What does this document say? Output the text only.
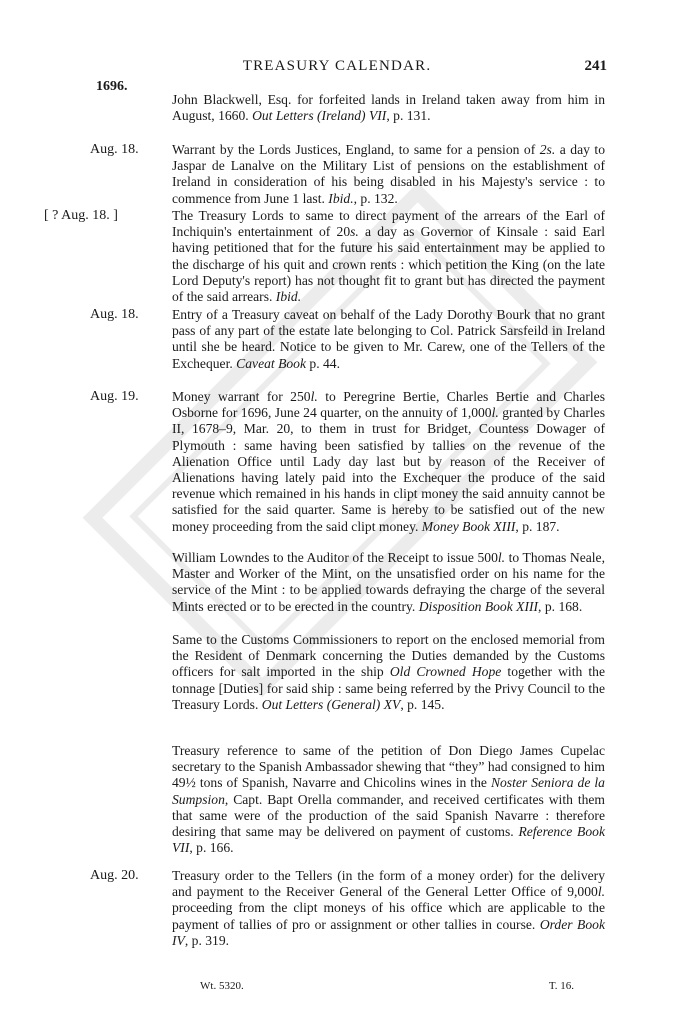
TREASURY CALENDAR.	241
1696.
John Blackwell, Esq. for forfeited lands in Ireland taken away from him in August, 1660. Out Letters (Ireland) VII, p. 131.
Aug. 18. Warrant by the Lords Justices, England, to same for a pension of 2s. a day to Jaspar de Lanalve on the Military List of pensions on the establishment of Ireland in consideration of his being disabled in his Majesty's service : to commence from June 1 last. Ibid., p. 132.
[ ? Aug. 18. ]	The Treasury Lords to same to direct payment of the arrears of the Earl of Inchiquin's entertainment of 20s. a day as Governor of Kinsale : said Earl having petitioned that for the future his said entertainment may be applied to the discharge of his quit and crown rents : which petition the King (on the late Lord Deputy's report) has not thought fit to grant but has directed the payment of the said arrears. Ibid.
Aug. 18. Entry of a Treasury caveat on behalf of the Lady Dorothy Bourk that no grant pass of any part of the estate late belonging to Col. Patrick Sarsfeild in Ireland until she be heard. Notice to be given to Mr. Carew, one of the Tellers of the Exchequer. Caveat Book p. 44.
Aug. 19. Money warrant for 250l. to Peregrine Bertie, Charles Bertie and Charles Osborne for 1696, June 24 quarter, on the annuity of 1,000l. granted by Charles II, 1678–9, Mar. 20, to them in trust for Bridget, Countess Dowager of Plymouth : same having been satisfied by tallies on the revenue of the Alienation Office until Lady day last but by reason of the Receiver of Alienations having lately paid into the Exchequer the produce of the said revenue which remained in his hands in clipt money the said annuity cannot be satisfied for the said quarter. Same is hereby to be satisfied out of the new money proceeding from the said clipt money. Money Book XIII, p. 187.
William Lowndes to the Auditor of the Receipt to issue 500l. to Thomas Neale, Master and Worker of the Mint, on the unsatisfied order on his name for the service of the Mint : to be applied towards defraying the charge of the several Mints erected or to be erected in the country. Disposition Book XIII, p. 168.
Same to the Customs Commissioners to report on the enclosed memorial from the Resident of Denmark concerning the Duties demanded by the Customs officers for salt imported in the ship Old Crowned Hope together with the tonnage [Duties] for said ship : same being referred by the Privy Council to the Treasury Lords. Out Letters (General) XV, p. 145.
Treasury reference to same of the petition of Don Diego James Cupelac secretary to the Spanish Ambassador shewing that “they” had consigned to him 49½ tons of Spanish, Navarre and Chicolins wines in the Noster Seniora de la Sumpsion, Capt. Bapt Orella commander, and received certificates with them that same were of the production of the said Spanish Navarre : therefore desiring that same may be delivered on payment of customs. Reference Book VII, p. 166.
Aug. 20. Treasury order to the Tellers (in the form of a money order) for the delivery and payment to the Receiver General of the General Letter Office of 9,000l. proceeding from the clipt moneys of his office which are applicable to the payment of tallies of pro or assignment or other tallies in course. Order Book IV, p. 319.
Wt. 5320.	T. 16.
